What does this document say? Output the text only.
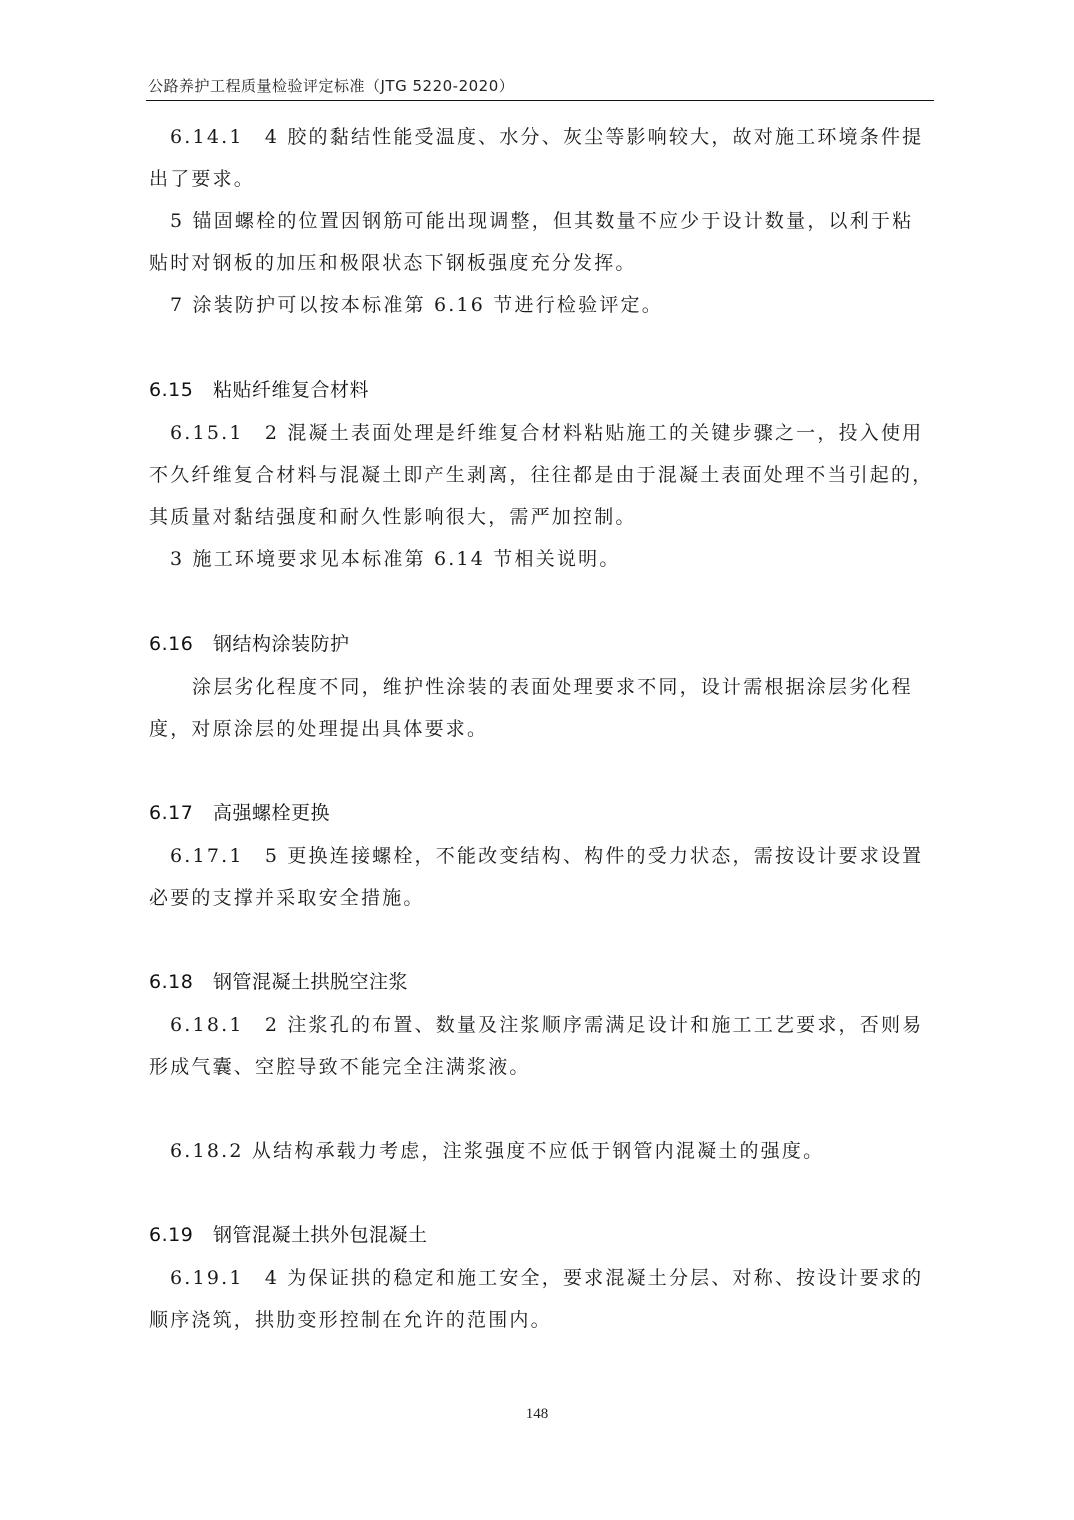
公路养护工程质量检验评定标准（JTG 5220-2020）
6.14.1　4 胶的黏结性能受温度、水分、灰尘等影响较大，故对施工环境条件提
出了要求。
5 锚固螺栓的位置因钢筋可能出现调整，但其数量不应少于设计数量，以利于粘
贴时对钢板的加压和极限状态下钢板强度充分发挥。
7 涂装防护可以按本标准第 6.16 节进行检验评定。
6.15 粘贴纤维复合材料
6.15.1　2 混凝土表面处理是纤维复合材料粘贴施工的关键步骤之一，投入使用
不久纤维复合材料与混凝土即产生剥离，往往都是由于混凝土表面处理不当引起的，
其质量对黏结强度和耐久性影响很大，需严加控制。
3 施工环境要求见本标准第 6.14 节相关说明。
6.16 钢结构涂装防护
涂层劣化程度不同，维护性涂装的表面处理要求不同，设计需根据涂层劣化程
度，对原涂层的处理提出具体要求。
6.17 高强螺栓更换
6.17.1　5 更换连接螺栓，不能改变结构、构件的受力状态，需按设计要求设置
必要的支撑并采取安全措施。
6.18 钢管混凝土拱脱空注浆
6.18.1　2 注浆孔的布置、数量及注浆顺序需满足设计和施工工艺要求，否则易
形成气囊、空腔导致不能完全注满浆液。
6.18.2 从结构承载力考虑，注浆强度不应低于钢管内混凝土的强度。
6.19 钢管混凝土拱外包混凝土
6.19.1　4 为保证拱的稳定和施工安全，要求混凝土分层、对称、按设计要求的
顺序浇筑，拱肋变形控制在允许的范围内。
148
